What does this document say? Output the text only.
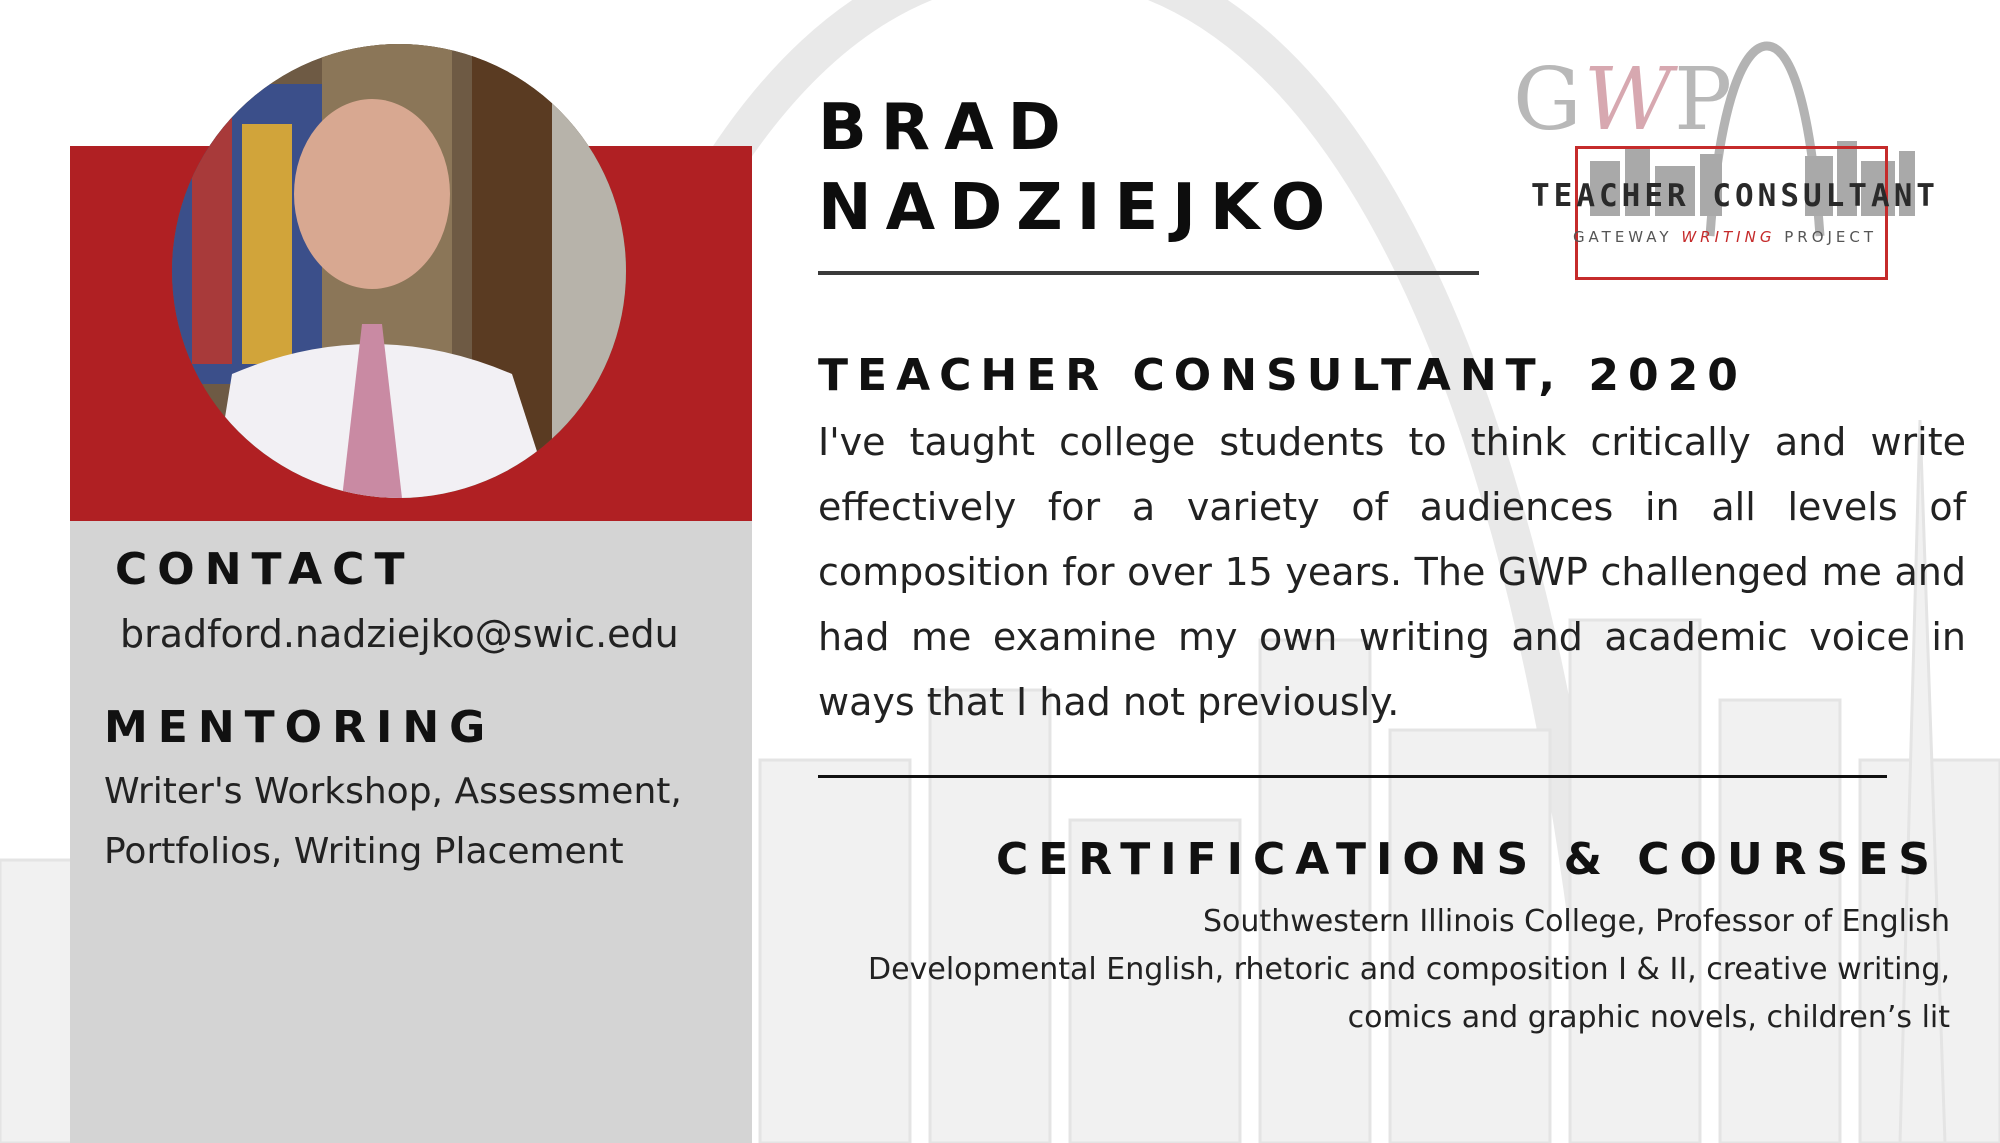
CONTACT
bradford.nadziejko@swic.edu
MENTORING
Writer's Workshop, Assessment,
Portfolios, Writing Placement
BRAD
NADZIEJKO
TEACHER CONSULTANT, 2020

I've taught college students to think critically and write effectively for a variety of audiences in all levels of composition for over 15 years. The GWP challenged me and had me examine my own writing and academic voice in ways that I had not previously.

CERTIFICATIONS & COURSES
Southwestern Illinois College, Professor of English
Developmental English, rhetoric and composition I & II, creative writing,
comics and graphic novels, children’s lit
GWP
TEACHER CONSULTANT
GATEWAY WRITING PROJECT
